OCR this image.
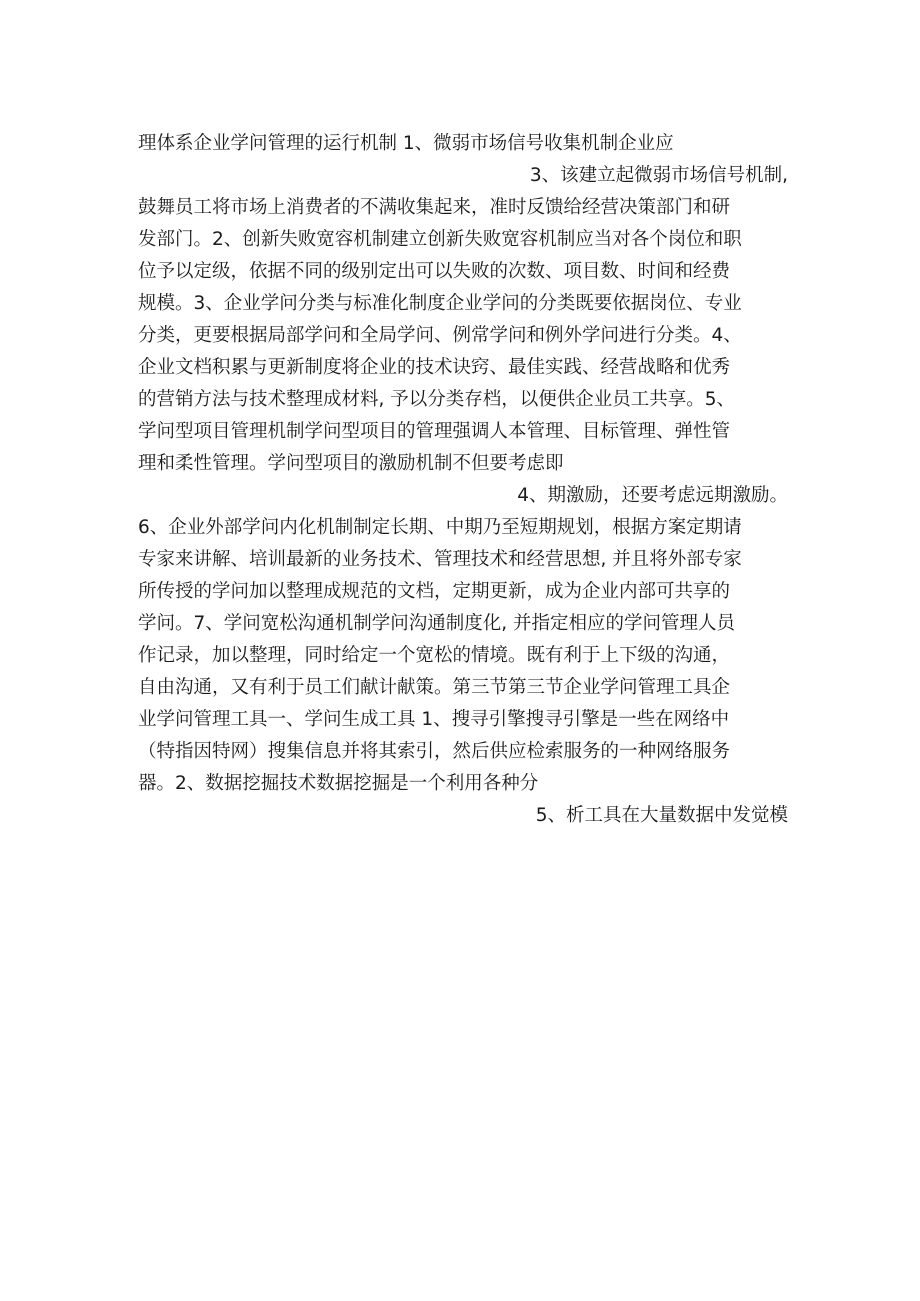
理体系企业学问管理的运行机制 1、微弱市场信号收集机制企业应
3、该建立起微弱市场信号机制,
鼓舞员工将市场上消费者的不满收集起来，准时反馈给经营决策部门和研
发部门。2、创新失败宽容机制建立创新失败宽容机制应当对各个岗位和职
位予以定级，依据不同的级别定出可以失败的次数、项目数、时间和经费
规模。3、企业学问分类与标准化制度企业学问的分类既要依据岗位、专业
分类，更要根据局部学问和全局学问、例常学问和例外学问进行分类。4、
企业文档积累与更新制度将企业的技术诀窍、最佳实践、经营战略和优秀
的营销方法与技术整理成材料, 予以分类存档，以便供企业员工共享。5、
学问型项目管理机制学问型项目的管理强调人本管理、目标管理、弹性管
理和柔性管理。学问型项目的激励机制不但要考虑即
4、期激励，还要考虑远期激励。
6、企业外部学问内化机制制定长期、中期乃至短期规划，根据方案定期请
专家来讲解、培训最新的业务技术、管理技术和经营思想, 并且将外部专家
所传授的学问加以整理成规范的文档，定期更新，成为企业内部可共享的
学问。7、学问宽松沟通机制学问沟通制度化, 并指定相应的学问管理人员
作记录，加以整理，同时给定一个宽松的情境。既有利于上下级的沟通，
自由沟通，又有利于员工们献计献策。第三节第三节企业学问管理工具企
业学问管理工具一、学问生成工具 1、搜寻引擎搜寻引擎是一些在网络中
（特指因特网）搜集信息并将其索引，然后供应检索服务的一种网络服务
器。2、数据挖掘技术数据挖掘是一个利用各种分
5、析工具在大量数据中发觉模
